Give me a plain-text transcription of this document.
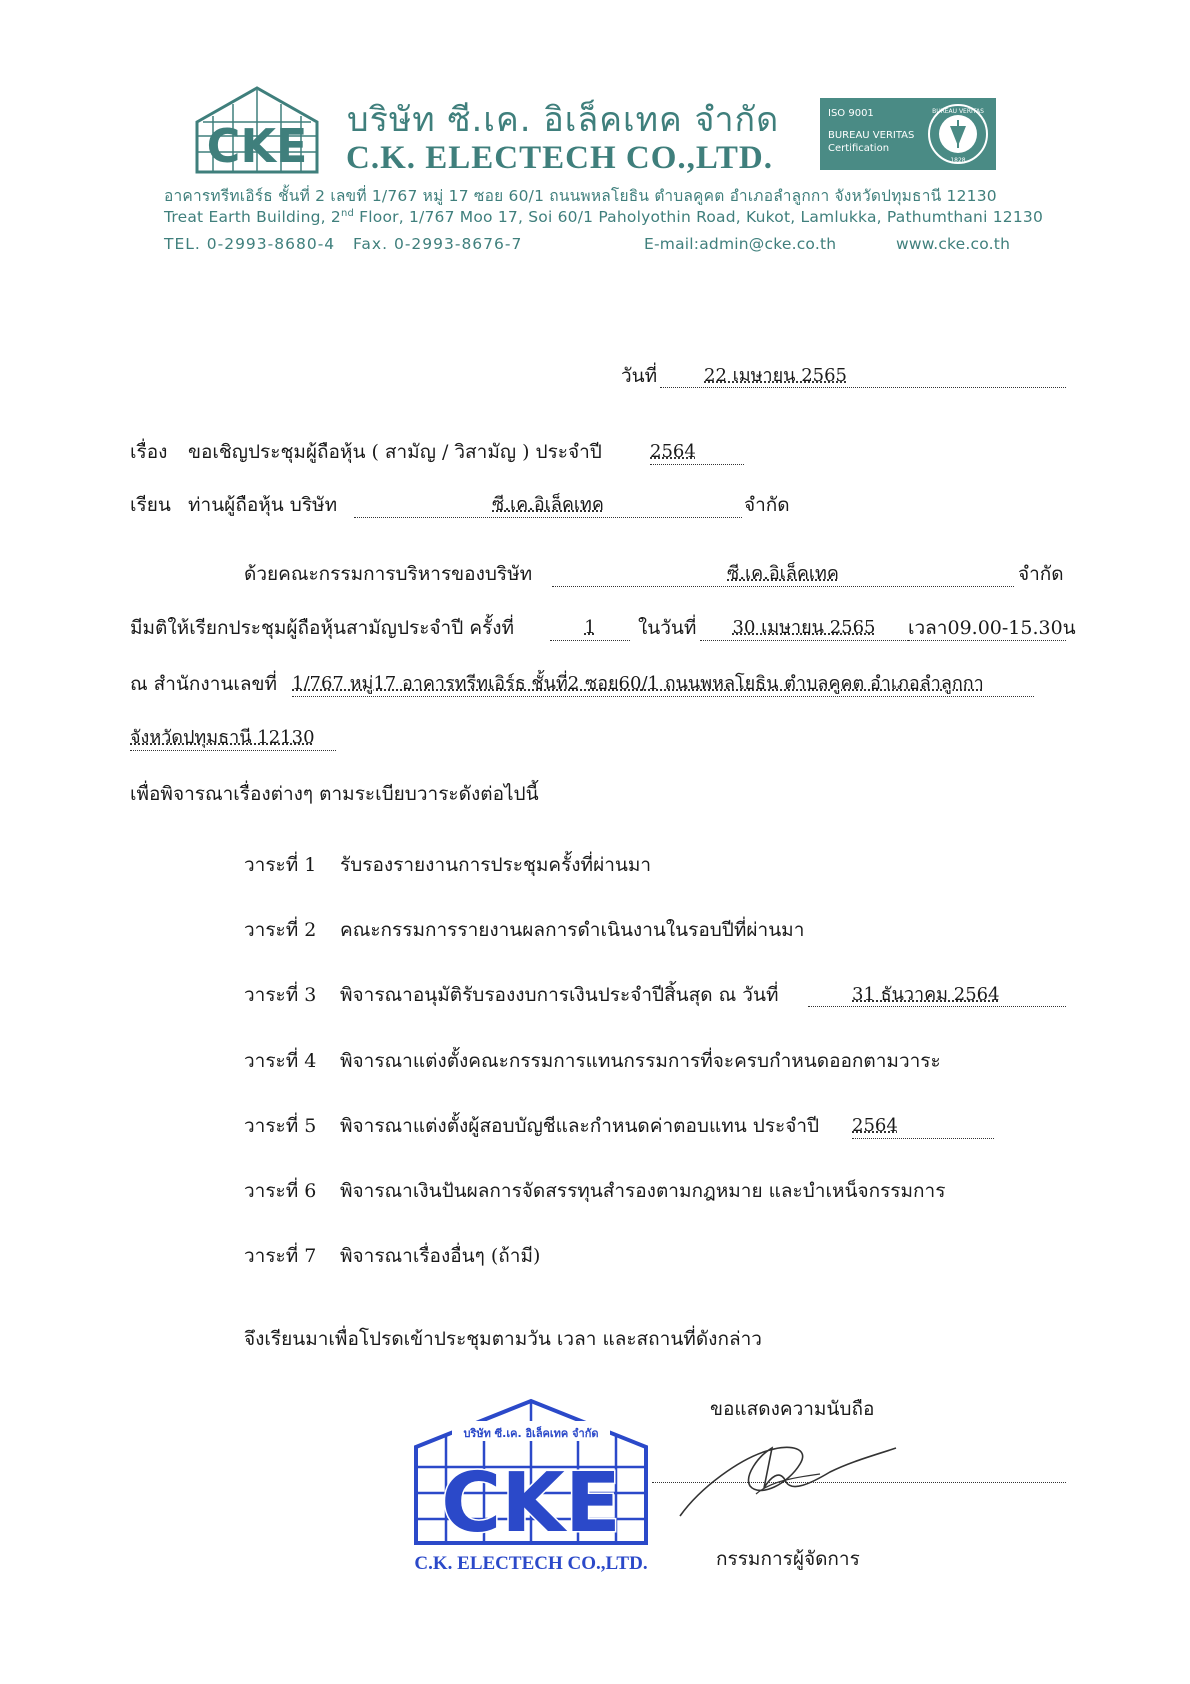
CKE บริษัท ซี.เค. อิเล็คเทค จำกัด
C.K. ELECTECH CO.,LTD.
ISO 9001
BUREAU VERITAS
Certification
1828
BUREAU VERITAS
อาคารทรีทเอิร์ธ ชั้นที่ 2 เลขที่ 1/767 หมู่ 17 ซอย 60/1 ถนนพหลโยธิน ตำบลคูคต อำเภอลำลูกกา จังหวัดปทุมธานี 12130
Treat Earth Building, 2nd Floor, 1/767 Moo 17, Soi 60/1 Paholyothin Road, Kukot, Lamlukka, Pathumthani 12130
TEL. 0-2993-8680-4 Fax. 0-2993-8676-7	E-mail:admin@cke.co.th	www.cke.co.th
วันที่	22 เมษายน 2565
เรื่อง ขอเชิญประชุมผู้ถือหุ้น ( สามัญ / วิสามัญ ) ประจำปี	2564
เรียน ท่านผู้ถือหุ้น บริษัท	ซี.เค.อิเล็คเทค	จำกัด
ด้วยคณะกรรมการบริหารของบริษัท	ซี.เค.อิเล็คเทค	จำกัด
มีมติให้เรียกประชุมผู้ถือหุ้นสามัญประจำปี ครั้งที่	1	ในวันที่	30 เมษายน 2565	เวลา09.00-15.30น
ณ สำนักงานเลขที่ 1/767 หมู่17 อาคารทรีทเอิร์ธ ชั้นที่2 ซอย60/1 ถนนพหลโยธิน ตำบลคูคต อำเภอลำลูกกา
จังหวัดปทุมธานี 12130
เพื่อพิจารณาเรื่องต่างๆ ตามระเบียบวาระดังต่อไปนี้
วาระที่ 1 รับรองรายงานการประชุมครั้งที่ผ่านมา
วาระที่ 2 คณะกรรมการรายงานผลการดำเนินงานในรอบปีที่ผ่านมา
วาระที่ 3 พิจารณาอนุมัติรับรองงบการเงินประจำปีสิ้นสุด ณ วันที่	31 ธันวาคม 2564
วาระที่ 4 พิจารณาแต่งตั้งคณะกรรมการแทนกรรมการที่จะครบกำหนดออกตามวาระ
วาระที่ 5 พิจารณาแต่งตั้งผู้สอบบัญชีและกำหนดค่าตอบแทน ประจำปี 2564
วาระที่ 6 พิจารณาเงินปันผลการจัดสรรทุนสำรองตามกฎหมาย และบำเหน็จกรรมการ
วาระที่ 7 พิจารณาเรื่องอื่นๆ (ถ้ามี)
จึงเรียนมาเพื่อโปรดเข้าประชุมตามวัน เวลา และสถานที่ดังกล่าว
ขอแสดงความนับถือ
บริษัท ซี.เค. อิเล็คเทค จำกัด
CKE
C.K. ELECTECH CO.,LTD.	กรรมการผู้จัดการ
